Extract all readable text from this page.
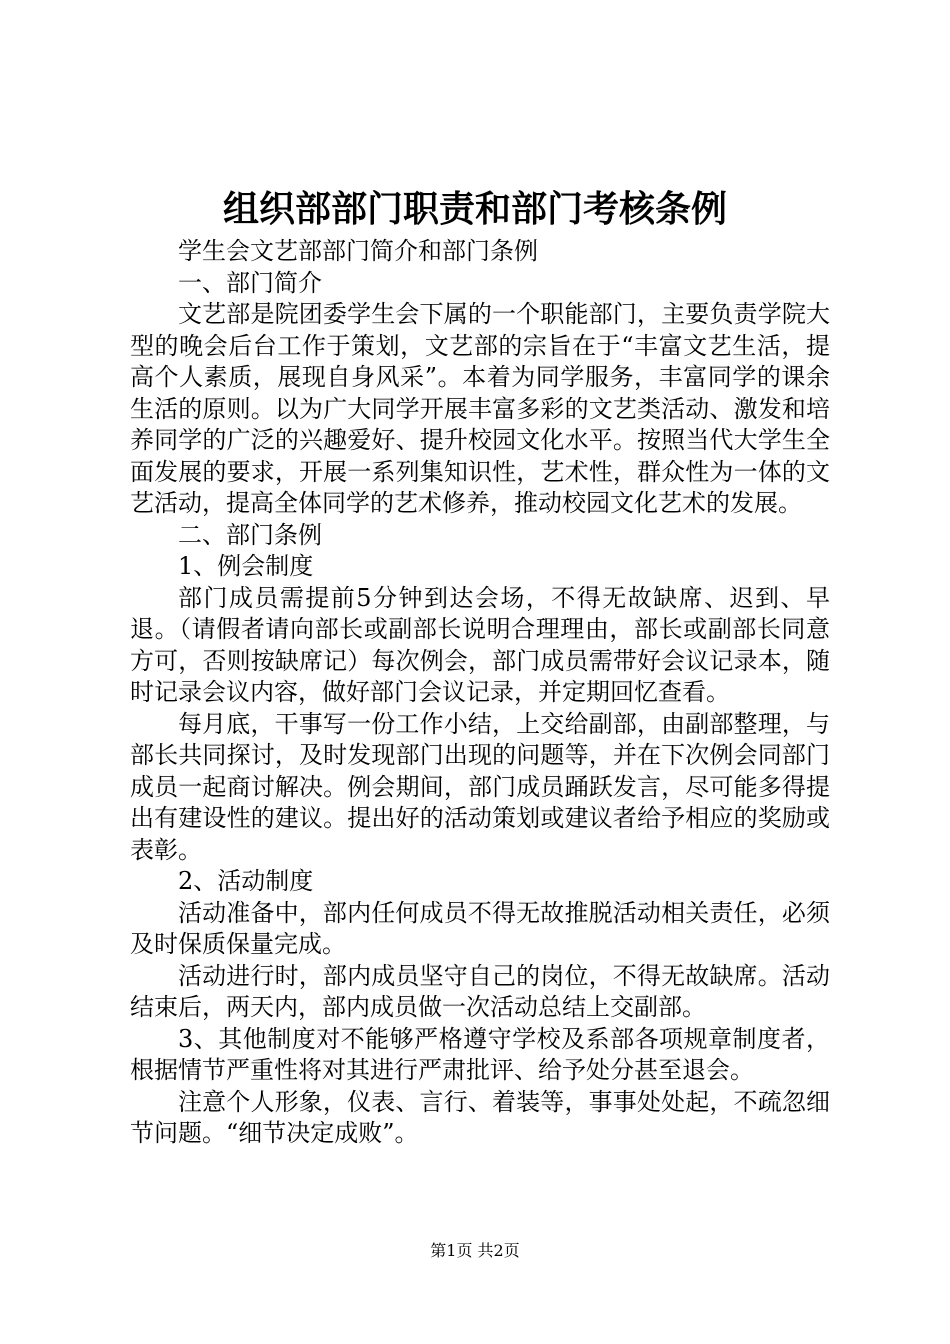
组织部部门职责和部门考核条例

学生会文艺部部门简介和部门条例

一、部门简介

文艺部是院团委学生会下属的一个职能部门，主要负责学院大型的晚会后台工作于策划，文艺部的宗旨在于“丰富文艺生活，提高个人素质，展现自身风采”。本着为同学服务，丰富同学的课余生活的原则。以为广大同学开展丰富多彩的文艺类活动、激发和培养同学的广泛的兴趣爱好、提升校园文化水平。按照当代大学生全面发展的要求，开展一系列集知识性，艺术性，群众性为一体的文艺活动，提高全体同学的艺术修养，推动校园文化艺术的发展。

二、部门条例

1、例会制度

部门成员需提前5分钟到达会场，不得无故缺席、迟到、早退。（请假者请向部长或副部长说明合理理由，部长或副部长同意方可，否则按缺席记）每次例会，部门成员需带好会议记录本，随时记录会议内容，做好部门会议记录，并定期回忆查看。

每月底，干事写一份工作小结，上交给副部，由副部整理，与部长共同探讨，及时发现部门出现的问题等，并在下次例会同部门成员一起商讨解决。例会期间，部门成员踊跃发言，尽可能多得提出有建设性的建议。提出好的活动策划或建议者给予相应的奖励或表彰。

2、活动制度

活动准备中，部内任何成员不得无故推脱活动相关责任，必须及时保质保量完成。

活动进行时，部内成员坚守自己的岗位，不得无故缺席。活动结束后，两天内，部内成员做一次活动总结上交副部。

3、其他制度对不能够严格遵守学校及系部各项规章制度者，根据情节严重性将对其进行严肃批评、给予处分甚至退会。

注意个人形象，仪表、言行、着装等，事事处处起，不疏忽细节问题。“细节决定成败”。

第1页 共2页
